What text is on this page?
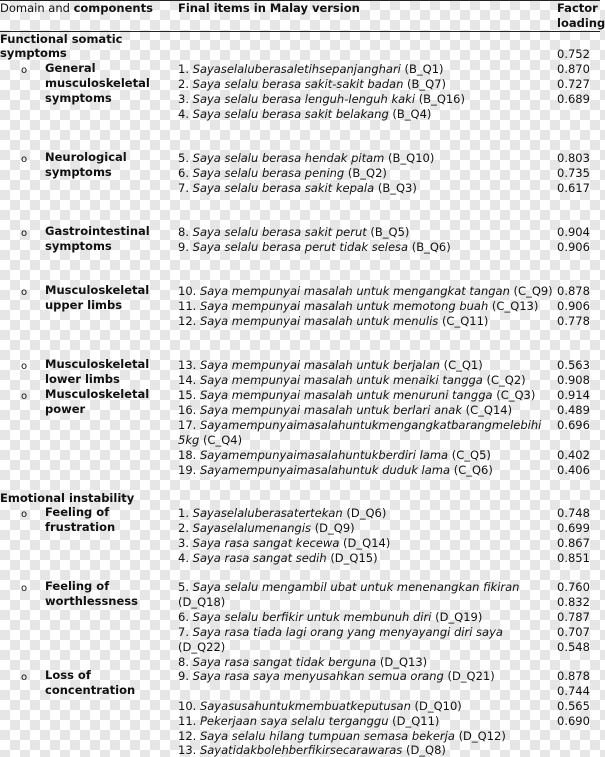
Domain and components Final items in Malay version	Factor
loading
Functional somatic
symptoms	0.752
o General
musculoskeletal
symptoms
1. Sayaselaluberasaletihsepanjanghari (B_Q1)
2. Saya selalu berasa sakit-sakit badan (B_Q7)
3. Saya selalu berasa lenguh-lenguh kaki (B_Q16)
4. Saya selalu berasa sakit belakang (B_Q4)
0.870
0.727
0.689
o Neurological
symptoms
5. Saya selalu berasa hendak pitam (B_Q10)
6. Saya selalu berasa pening (B_Q2)
7. Saya selalu berasa sakit kepala (B_Q3)
0.803
0.735
0.617
o Gastrointestinal
symptoms
8. Saya selalu berasa sakit perut (B_Q5)
9. Saya selalu berasa perut tidak selesa (B_Q6)
0.904
0.906
o Musculoskeletal
upper limbs
10. Saya mempunyai masalah untuk mengangkat tangan (C_Q9)
11. Saya mempunyai masalah untuk memotong buah (C_Q13)
12. Saya mempunyai masalah untuk menulis (C_Q11)
0.878
0.906
0.778
o Musculoskeletal
lower limbs
13. Saya mempunyai masalah untuk berjalan (C_Q1)
14. Saya mempunyai masalah untuk menaiki tangga (C_Q2)
0.563
0.908
o Musculoskeletal
power
15. Saya mempunyai masalah untuk menuruni tangga (C_Q3)
16. Saya mempunyai masalah untuk berlari anak (C_Q14)
17. Sayamempunyaimasalahuntukmengangkatbarangmelebihi
5kg (C_Q4)
18. Sayamempunyaimasalahuntukberdiri lama (C_Q5)
19. Sayamempunyaimasalahuntuk duduk lama (C_Q6)
0.914
0.489
0.696
0.402
0.406
Emotional instability
o Feeling of
frustration
1. Sayaselaluberasatertekan (D_Q6)
2. Sayaselalumenangis (D_Q9)
3. Saya rasa sangat kecewa (D_Q14)
4. Saya rasa sangat sedih (D_Q15)
0.748
0.699
0.867
0.851
o Feeling of
worthlessness
5. Saya selalu mengambil ubat untuk menenangkan fikiran
(D_Q18)
6. Saya selalu berfikir untuk membunuh diri (D_Q19)
7. Saya rasa tiada lagi orang yang menyayangi diri saya
(D_Q22)
8. Saya rasa sangat tidak berguna (D_Q13)
0.760
0.832
0.787
0.707
0.548
o Loss of
concentration
9. Saya rasa saya menyusahkan semua orang (D_Q21)
10. Sayasusahuntukmembuatkeputusan (D_Q10)
11. Pekerjaan saya selalu terganggu (D_Q11)
12. Saya selalu hilang tumpuan semasa bekerja (D_Q12)
13. Sayatidakbolehberfikirsecarawaras (D_Q8)
0.878
0.744
0.565
0.690
